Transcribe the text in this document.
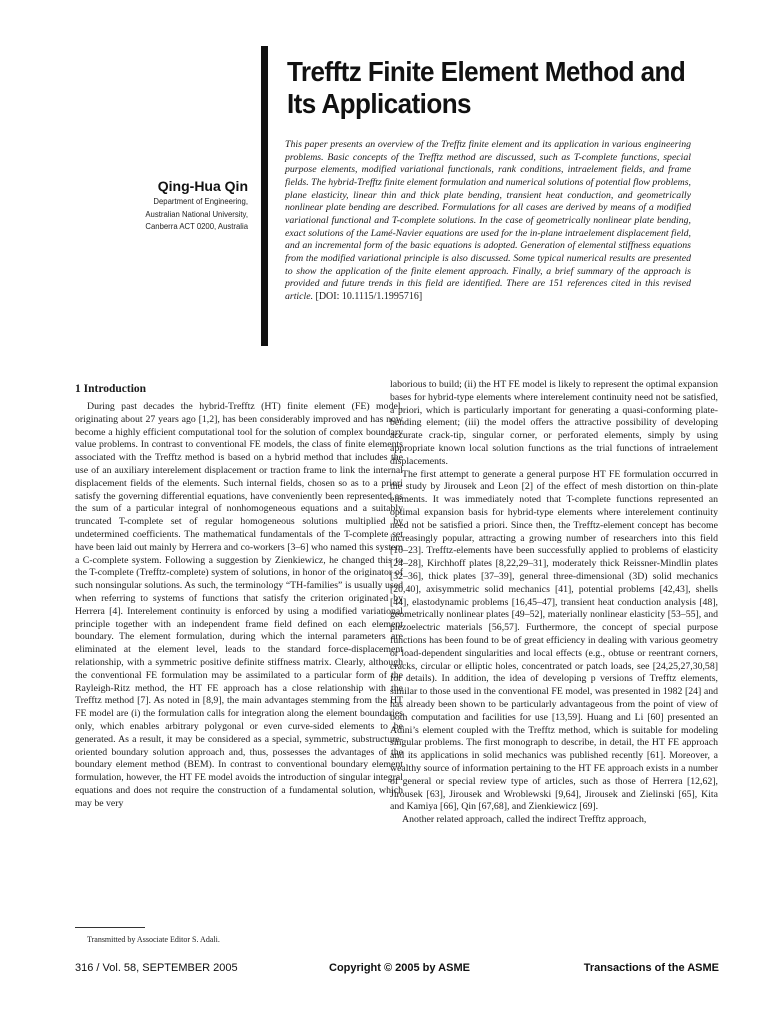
Trefftz Finite Element Method and Its Applications
Qing-Hua Qin
Department of Engineering,
Australian National University,
Canberra ACT 0200, Australia
This paper presents an overview of the Trefftz finite element and its application in various engineering problems. Basic concepts of the Trefftz method are discussed, such as T-complete functions, special purpose elements, modified variational functionals, rank conditions, intraelement fields, and frame fields. The hybrid-Trefftz finite element formulation and numerical solutions of potential flow problems, plane elasticity, linear thin and thick plate bending, transient heat conduction, and geometrically nonlinear plate bending are described. Formulations for all cases are derived by means of a modified variational functional and T-complete solutions. In the case of geometrically nonlinear plate bending, exact solutions of the Lamé-Navier equations are used for the in-plane intraelement displacement field, and an incremental form of the basic equations is adopted. Generation of elemental stiffness equations from the modified variational principle is also discussed. Some typical numerical results are presented to show the application of the finite element approach. Finally, a brief summary of the approach is provided and future trends in this field are identified. There are 151 references cited in this revised article. [DOI: 10.1115/1.1995716]
1 Introduction

During past decades the hybrid-Trefftz (HT) finite element (FE) model, originating about 27 years ago [1,2], has been considerably improved and has now become a highly efficient computational tool for the solution of complex boundary value problems. In contrast to conventional FE models, the class of finite elements associated with the Trefftz method is based on a hybrid method that includes the use of an auxiliary interelement displacement or traction frame to link the internal displacement fields of the elements. Such internal fields, chosen so as to a priori satisfy the governing differential equations, have conveniently been represented as the sum of a particular integral of nonhomogeneous equations and a suitably truncated T-complete set of regular homogeneous solutions multiplied by undetermined coefficients. The mathematical fundamentals of the T-complete set have been laid out mainly by Herrera and co-workers [3–6] who named this system a C-complete system. Following a suggestion by Zienkiewicz, he changed this to the T-complete (Trefftz-complete) system of solutions, in honor of the originator of such nonsingular solutions. As such, the terminology “TH-families” is usually used when referring to systems of functions that satisfy the criterion originated by Herrera [4]. Interelement continuity is enforced by using a modified variational principle together with an independent frame field defined on each element boundary. The element formulation, during which the internal parameters are eliminated at the element level, leads to the standard force-displacement relationship, with a symmetric positive definite stiffness matrix. Clearly, although the conventional FE formulation may be assimilated to a particular form of the Rayleigh-Ritz method, the HT FE approach has a close relationship with the Trefftz method [7]. As noted in [8,9], the main advantages stemming from the HT FE model are (i) the formulation calls for integration along the element boundaries only, which enables arbitrary polygonal or even curve-sided elements to be generated. As a result, it may be considered as a special, symmetric, substructure-oriented boundary solution approach and, thus, possesses the advantages of the boundary element method (BEM). In contrast to conventional boundary element formulation, however, the HT FE model avoids the introduction of singular integral equations and does not require the construction of a fundamental solution, which may be very

laborious to build; (ii) the HT FE model is likely to represent the optimal expansion bases for hybrid-type elements where interelement continuity need not be satisfied, a priori, which is particularly important for generating a quasi-conforming plate-bending element; (iii) the model offers the attractive possibility of developing accurate crack-tip, singular corner, or perforated elements, simply by using appropriate known local solution functions as the trial functions of intraelement displacements.

The first attempt to generate a general purpose HT FE formulation occurred in the study by Jirousek and Leon [2] of the effect of mesh distortion on thin-plate elements. It was immediately noted that T-complete functions represented an optimal expansion basis for hybrid-type elements where interelement continuity need not be satisfied a priori. Since then, the Trefftz-element concept has become increasingly popular, attracting a growing number of researchers into this field [10–23]. Trefftz-elements have been successfully applied to problems of elasticity [24–28], Kirchhoff plates [8,22,29–31], moderately thick Reissner-Mindlin plates [32–36], thick plates [37–39], general three-dimensional (3D) solid mechanics [20,40], axisymmetric solid mechanics [41], potential problems [42,43], shells [44], elastodynamic problems [16,45–47], transient heat conduction analysis [48], geometrically nonlinear plates [49–52], materially nonlinear elasticity [53–55], and piezoelectric materials [56,57]. Furthermore, the concept of special purpose functions has been found to be of great efficiency in dealing with various geometry or load-dependent singularities and local effects (e.g., obtuse or reentrant corners, cracks, circular or elliptic holes, concentrated or patch loads, see [24,25,27,30,58] for details). In addition, the idea of developing p versions of Trefftz elements, similar to those used in the conventional FE model, was presented in 1982 [24] and has already been shown to be particularly advantageous from the point of view of both computation and facilities for use [13,59]. Huang and Li [60] presented an Adini’s element coupled with the Trefftz method, which is suitable for modeling singular problems. The first monograph to describe, in detail, the HT FE approach and its applications in solid mechanics was published recently [61]. Moreover, a wealthy source of information pertaining to the HT FE approach exists in a number of general or special review type of articles, such as those of Herrera [12,62], Jirousek [63], Jirousek and Wroblewski [9,64], Jirousek and Zielinski [65], Kita and Kamiya [66], Qin [67,68], and Zienkiewicz [69].

Another related approach, called the indirect Trefftz approach,

Transmitted by Associate Editor S. Adali.
316 / Vol. 58, SEPTEMBER 2005	Copyright © 2005 by ASME	Transactions of the ASME
